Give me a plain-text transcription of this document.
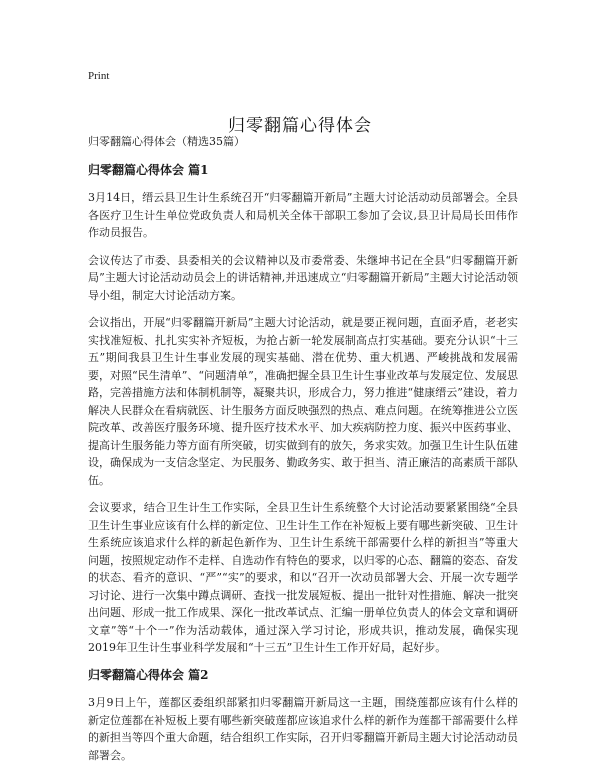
Print
归零翻篇心得体会

归零翻篇心得体会（精选35篇）

归零翻篇心得体会 篇1

3月14日，缙云县卫生计生系统召开“归零翻篇开新局”主题大讨论活动动员部署会。全县各医疗卫生计生单位党政负责人和局机关全体干部职工参加了会议,县卫计局局长田伟作作动员报告。

会议传达了市委、县委相关的会议精神以及市委常委、朱继坤书记在全县“归零翻篇开新局”主题大讨论活动动员会上的讲话精神,并迅速成立“归零翻篇开新局”主题大讨论活动领导小组，制定大讨论活动方案。

会议指出，开展“归零翻篇开新局”主题大讨论活动，就是要正视问题，直面矛盾，老老实实找准短板、扎扎实实补齐短板，为抢占新一轮发展制高点打实基础。要充分认识“十三五”期间我县卫生计生事业发展的现实基础、潜在优势、重大机遇、严峻挑战和发展需要，对照“民生清单”、“问题清单”，准确把握全县卫生计生事业改革与发展定位、发展思路，完善措施方法和体制机制等，凝聚共识，形成合力，努力推进“健康缙云”建设，着力解决人民群众在看病就医、计生服务方面反映强烈的热点、难点问题。在统筹推进公立医院改革、改善医疗服务环境、提升医疗技术水平、加大疾病防控力度、振兴中医药事业、提高计生服务能力等方面有所突破，切实做到有的放矢，务求实效。加强卫生计生队伍建设，确保成为一支信念坚定、为民服务、勤政务实、敢于担当、清正廉洁的高素质干部队伍。

会议要求，结合卫生计生工作实际，全县卫生计生系统整个大讨论活动要紧紧围绕“全县卫生计生事业应该有什么样的新定位、卫生计生工作在补短板上要有哪些新突破、卫生计生系统应该追求什么样的新起色新作为、卫生计生系统干部需要什么样的新担当”等重大问题，按照规定动作不走样、自选动作有特色的要求，以归零的心态、翻篇的姿态、奋发的状态、看齐的意识、“严”“实”的要求，和以“召开一次动员部署大会、开展一次专题学习讨论、进行一次集中蹲点调研、查找一批发展短板、提出一批针对性措施、解决一批突出问题、形成一批工作成果、深化一批改革试点、汇编一册单位负责人的体会文章和调研文章”等“十个一”作为活动载体，通过深入学习讨论，形成共识，推动发展，确保实现2019年卫生计生事业科学发展和“十三五”卫生计生工作开好局，起好步。

归零翻篇心得体会 篇2

3月9日上午，莲都区委组织部紧扣归零翻篇开新局这一主题，围绕莲都应该有什么样的新定位莲都在补短板上要有哪些新突破莲都应该追求什么样的新作为莲都干部需要什么样的新担当等四个重大命题，结合组织工作实际，召开归零翻篇开新局主题大讨论活动动员部署会。
